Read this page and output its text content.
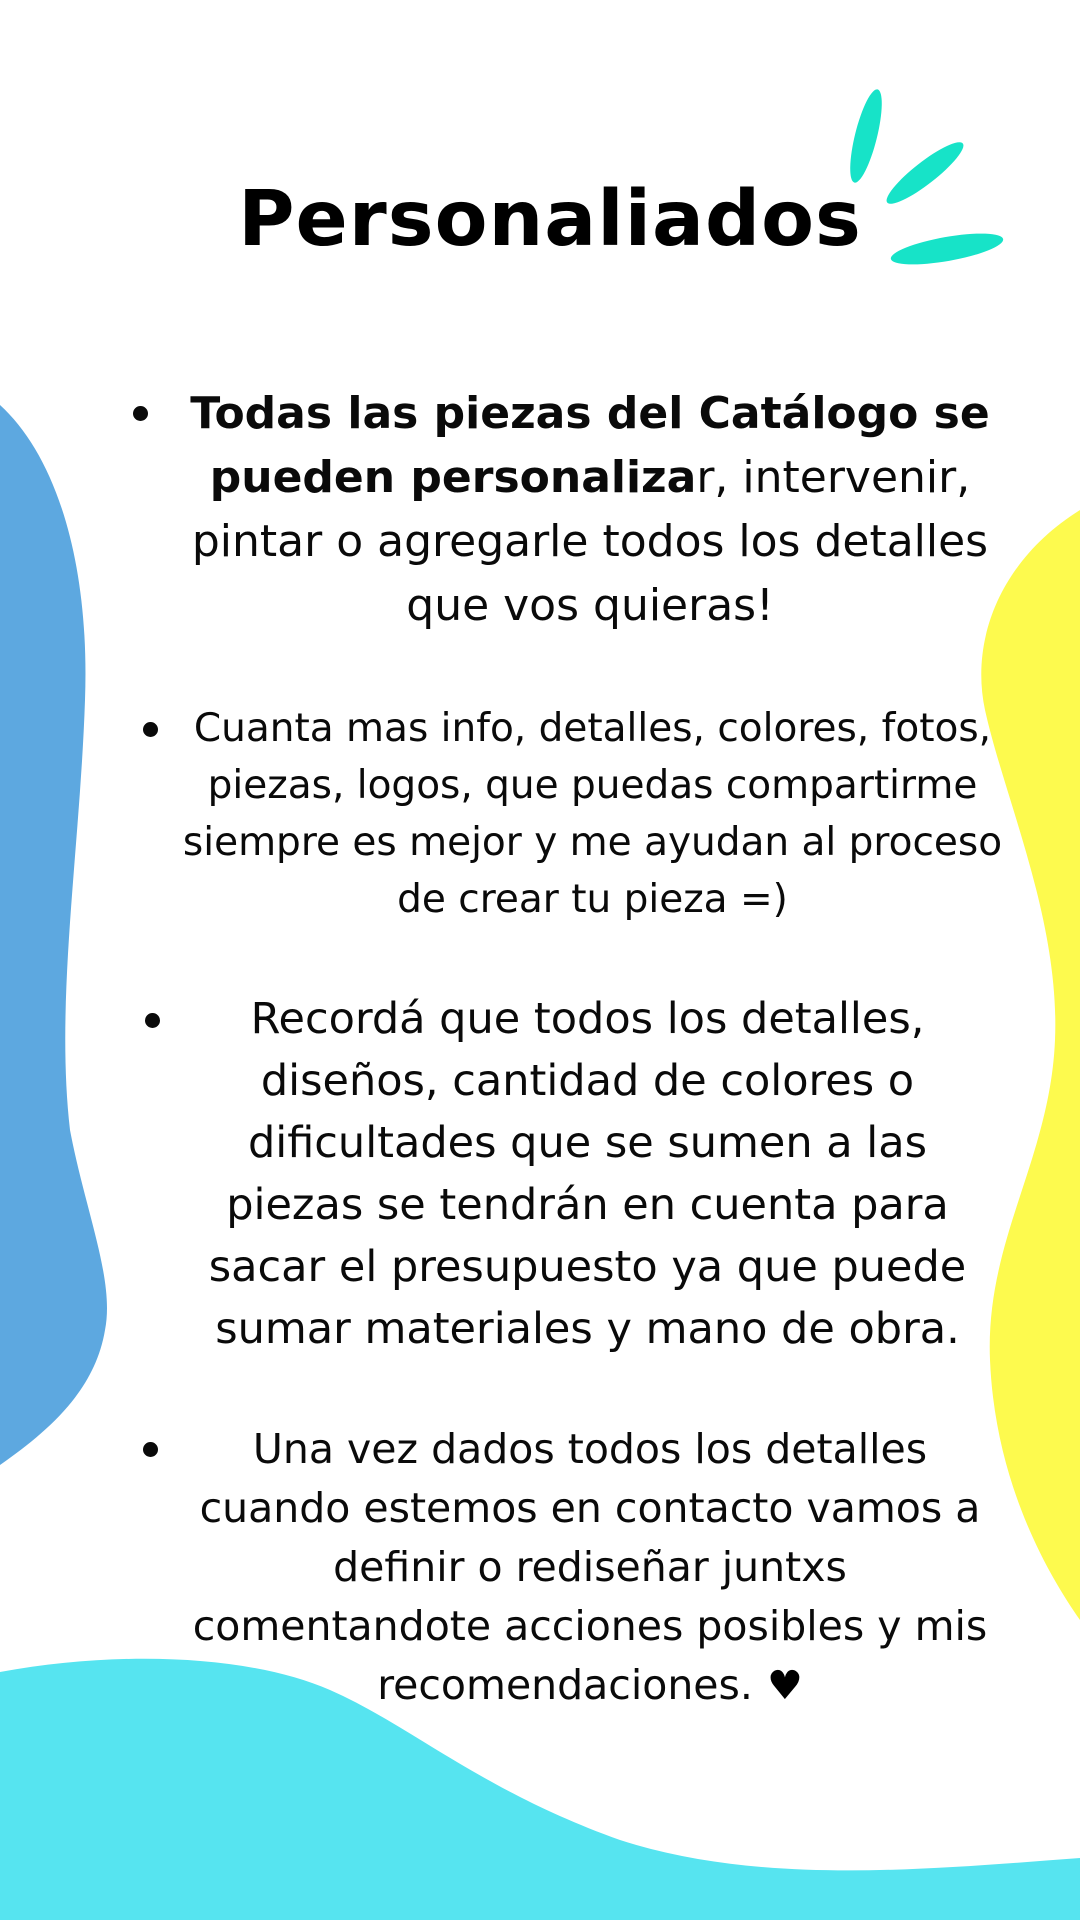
Personaliados
Todas las piezas del Catálogo se pueden personalizar, intervenir, pintar o agregarle todos los detalles que vos quieras!
Cuanta mas info, detalles, colores, fotos, piezas, logos, que puedas compartirme siempre es mejor y me ayudan al proceso de crear tu pieza =)
Recordá que todos los detalles, diseños, cantidad de colores o dificultades que se sumen a las piezas se tendrán en cuenta para sacar el presupuesto ya que puede sumar materiales y mano de obra.
Una vez dados todos los detalles cuando estemos en contacto vamos a definir o rediseñar juntxs comentandote acciones posibles y mis recomendaciones. ♥
